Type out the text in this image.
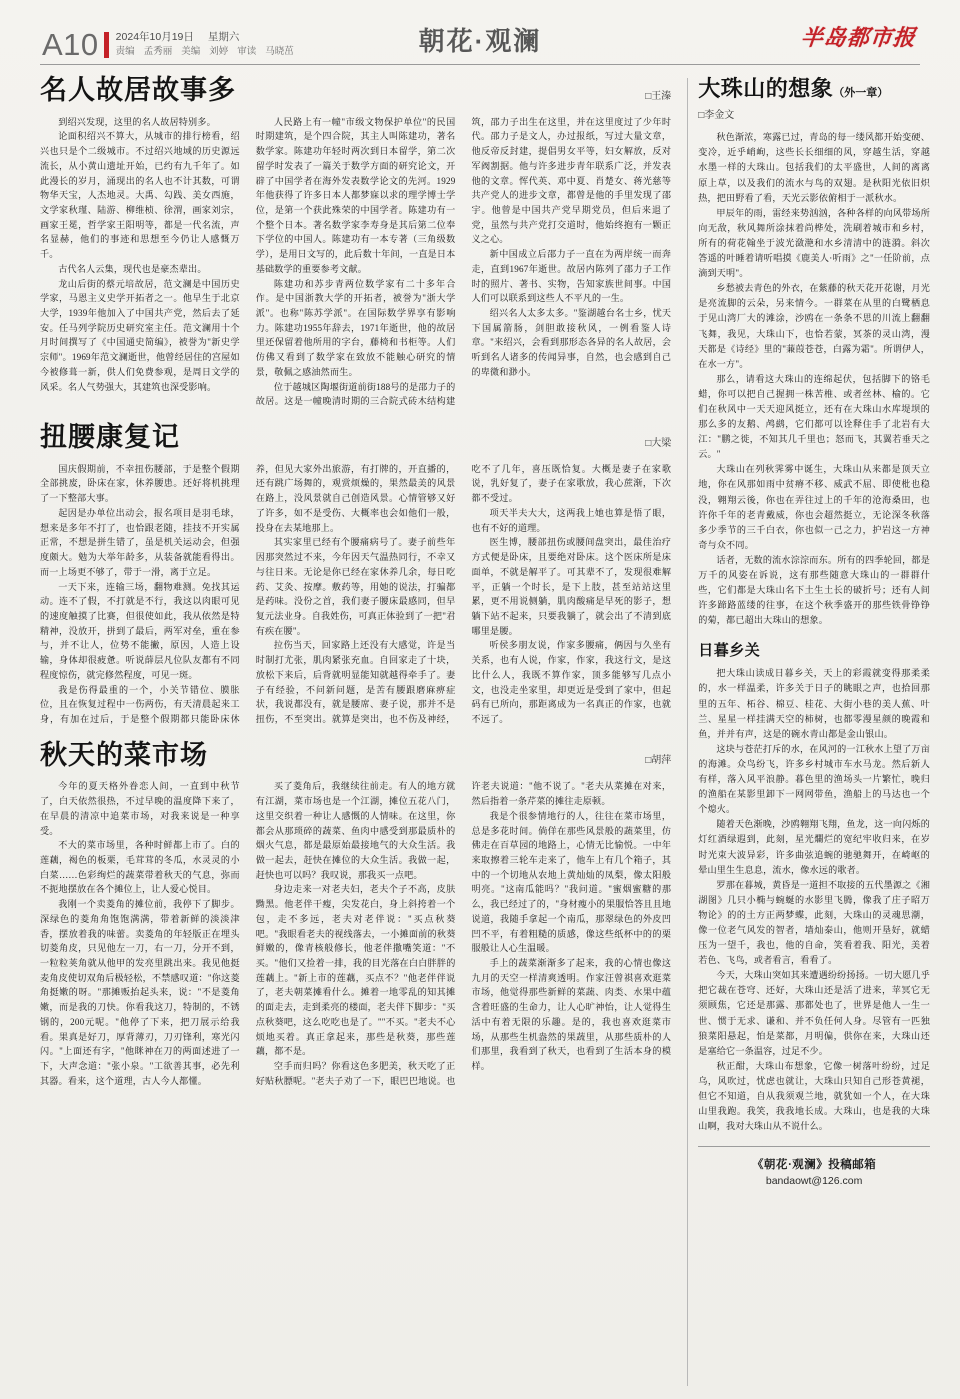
A10 2024年10月19日 星期六
责编 孟秀丽 美编 刘婷 审读 马晓茁	朝花·观澜	半岛都市报
名人故居故事多	□王溱

到绍兴发现，这里的名人故居特别多。

论面积绍兴不算大，从城市的排行榜看，绍兴也只是个二级城市。不过绍兴地域的历史源远流长，从小黄山遗址开始，已约有九千年了。如此漫长的岁月，涌现出的名人也不计其数，可谓物华天宝，人杰地灵。大禹、勾践、美女西施，文学家秋瑾、陆游、柳维桢、徐渭，画家刘宗，画家王冕，哲学家王阳明等，都是一代名流，声名显赫，他们的事迹和思想至今仍让人感慨万千。

古代名人云集，现代也是豪杰辈出。

龙山后街的蔡元培故居，范文澜是中国历史学家，马恩主义史学开拓者之一。他早生于北京大学，1939年他加入了中国共产党，然后去了延安。任马列学院历史研究室主任。范文澜用十个月时间撰写了《中国通史简编》，被誉为"新史学宗师"。1969年范文澜逝世，他曾经居住的宫屋如今被修葺一新，供人们免费参观，是周日文学的风采。名人气势强大，其建筑也深受影响。

人民路上有一幢"市级文物保护单位"的民国时期建筑，是个四合院，其主人叫陈建功，著名数学家。陈建功年轻时两次到日本留学，第二次留学时发表了一篇关于数学方面的研究论文，开辟了中国学者在海外发表数学论文的先河。1929年他获得了许多日本人都梦寐以求的理学博士学位，是第一个获此殊荣的中国学者。陈建功有一个整个日本。著名数学家李寿身是其后第二位奉下学位的中国人。陈建功有一本专著（三角级数学），是用日文写的，此后数十年间，一直是日本基础数学的重要参考文献。

陈建功和苏步青两位数学家有二十多年合作。是中国浙教大学的开拓者，被誉为"浙大学派"。也称"陈苏学派"。在国际数学界享有影响力。陈建功1955年辞去，1971年逝世，他的故居里还保留着他所用的字台，藤椅和书柜等。人们仿佛又看到了数学家在致放不能触心研究的情景，敬佩之感油然而生。

位于越城区陶堰街道前街188号的是邵力子的故居。这是一幢晚清时期的三合院式砖木结构建筑，邵力子出生在这里，并在这里度过了少年时代。邵力子是文人，办过报纸，写过大量文章，他反帝反封建，提倡男女平等，妇女解放，反对军阀割据。他与许多进步青年联系广泛，并发表他的文章。恽代英、邓中夏、肖楚女、蒋光慈等共产党人的进步文章，都曾是他的手里发现了邵宇。他曾是中国共产党早期党员，但后来退了党，虽然与共产党打交道时，他始终抱有一颗正义之心。

新中国成立后邵力子一直在为两岸统一而奔走，直到1967年逝世。故居内陈列了邵力子工作时的照片、著书、实物，告知家族世间事。中国人们可以联系到这些人不平凡的一生。

绍兴名人太多太多。"鉴湖越台名士乡，忧天下国属箭肠，剑胆敢接秋风，一例看鉴人诗章。"来绍兴，会看到那形态各异的名人故居，会听到名人诸多的传闻异事，自然，也会感到自己的卑微和渺小。

扭腰康复记	□大梁

国庆假期前，不幸扭伤腰部，于是整个假期全部挑废，卧床在家，休养腰患。还好将机挑理了一下整部大事。

起因是办单位出动会，报名项目是羽毛球，想来是多年不打了，也恰跟老随，挂技不开实属正常，不想是拼生错了，虽是机关运动会，但强度颇大。勉为大举年龄多，从装备就能看得出。而一上场更不够了，带于一滑，离于立足。

一天下来，连输三场，翻物难测。免找其运动。连不了假，不打就是不行，我这以肉眼可见的速度触摸了比赛，但很使如此，我从依然是特精神，没放开，拼到了最后，两军对垒，重在参与，并不让人，位势不能撇，原因，人造上设输，身体却很疲惫。听说薛层凡位队友都有不同程度惊伤，就完修然程度，可见一斑。

我是伤得最重的一个，小关节错位、膜胀位，且在恢复过程中一伤两伤，有天清晨起来工身，有加在过后，于是整个假期都只能卧床休养，但见大家外出旅游，有打牌的，开直播的，还有跳广场舞的，观赏烦燥的，果然最美的风景在路上，没风景就自己创造风景。心情管够又好了许多，如不是受伤、大概率也会如他们一般，投身在去某地那上。

其实家里已经有个腰痛病号了。妻子前些年因那突然过不来，今年因天气温热同行，不幸又与往日来。无论是你已经在家休养几余，每日吃药、艾灸、按摩。敷药等，用她的说法，打骗都是药味。没份之首，我们妻子腰床最感同，但早复元法业身。自我姓伤，可真正体验到了一把"君有疾在腰"。

拉伤当天，回家路上还没有大感觉，许是当时制打尤张，肌肉紧张充血。自回家走了十块，放松下来后，后背就明显能知就越得牵手了。妻子有经验，不问新问题，是苦有腰跟磨麻痹症状，我说都没有，就是腰席、妻子说，那并不是扭伤，不至突出。就算是突出，也不伤及神经，吃不了几年，喜压既恰复。大概是妻子在家歌说，乳好复了，妻子在家歌放，我心蔗渐，下次都不受过。

项天半夫大大，这两我上她也算是悟了眼，也有不好的道理。

医生博，腰部扭伤或腰间盘突出，最佳治疗方式便是卧床，且要绝对卧床。这个医床所是床面单，不就是解平了。可其辈不了，发现很难解平，正躺一个时长，是下上肢，甚至站站这里累，更不用说侧躺，肌肉酸痛是早死的影子，想躺下站不起来，只要我躺了，就会出了不清到底哪里是腰。

听侯多朋友说，作家多腰痛，俩因与久坐有关系，也有人说，作家，作家，我这行文，是这比什么人，我既不算作家，顶多能够写几点小文，也没走坐家里，却更近是受到了家中，但起码有已所向，那距离成为一名真正的作家，也就不远了。

秋天的菜市场	□胡萍

今年的夏天格外眷恋人间，一直到中秋节了，白天依然很热，不过早晚的温度降下来了，在早晨的清凉中追菜市场，对我来说是一种享受。

不大的菜市场里，各种时鲜都上市了。白的莲藕，褐色的板栗，毛茸茸的冬瓜，水灵灵的小白菜……色彩绚烂的蔬菜带着秋天的气息，弥而不扼地摆放在各个摊位上，让人爱心悦目。

我刚一个卖菱角的摊位前，我停下了脚步。深绿色的菱角角饱饱满满，带着新鲜的淡淡津香，摆放着我的味蕾。卖菱角的年轻版正在埋头切菱角皮，只见他左一刀，右一刀，分开不到，一粒粒荚角就从他甲的发亮里跳出来。我见他挺麦角皮使切双角后极轻松，不禁感叹道："你这菱角挺嫩的呀。"那摊贩抬起头来，说："不是菱角嫩，而是我的刀快。你看我这刀，特制的，不锈钢的，200元呢。"他停了下来，把刀展示给我看。果真是好刀，厚背薄刃，刀刃锋利，寒光闪闪。"上面还有字，"他眯神在刀的两面述进了一下，大声念道："张小泉。"工欲善其事，必先利其器。看来，这个道理，古人今人都懂。

买了菱角后，我继续往前走。有人的地方就有江湖，菜市场也是一个江湖，摊位五花八门，这里交织着一种让人感慨的人情味。在这里，你都会从那琐碎的蔬菜、鱼肉中感受到那最质朴的烟火气息，都是最原始最接地气的大众生活。我做一起去，赶快在摊位的大众生活。我做一起，赶快也可以吗？我叹说，那我买一点吧。

身边走来一对老夫妇，老夫个子不高，皮肤黝黑。他老伴干瘦，尖发花白，身上斜挎着一个包，走不多远，老夫对老伴说："买点秋葵吧。"我眼看老夫的视线落去，一小摊面前的秋葵鲜嫩的，像青核般修长，他老伴撒嘴笑道："不买。"他们又捡着一排，我的目光落在白白胖胖的莲藕上。"新上市的莲藕，买点不？"他老伴伴说了，老夫朝菜摊看什么。摊着一地零乱的知其摊的面走去，走到柔亮的楼面，老夫伴下脚步："买点秋葵吧，这么吃吃也是了。""不买。"老夫不心烦地买着。真正拿起来，那些是秋葵，那些莲藕，都不是。

空手而归吗？你看这色多肥美，秋天吃了正好贴秋膘呢。"老夫子劝了一下，眼巴巴地说。也许老夫说道："他不说了。"老夫从菜摊在对来，然后指着一条芹菜的摊往走原顿。

我是个很参情地行的人，往往在菜市场里，总是多花时间。倘佯在那些风景般的蔬菜里，仿佛走在百草园的地路上，心情无比愉悦。一中年来取擦着三轮车走来了，他车上有几个箱子，其中的一个切地从农地上黄灿灿的凤梨，像太阳般明亮。"这南瓜能吗？"我问道。"蜜烟蜜糖的那么，我已经过了的，"身材瘦小的果服恰答且且地说道，我随手拿起一个南瓜，那翠绿色的外皮凹凹不平，有着粗糙的质感，像这些纸杯中的的栗服般让人心生温暖。

手上的蔬菜渐渐多了起来，我的心情也像这九月的天空一样清爽透明。作家汪曾祺喜欢逛菜市场，他觉得那些新鲜的菜蔬、肉类、水果中蕴含着旺盛的生命力，让人心旷神怡，让人觉得生活中有着无限的乐趣。是的，我也喜欢逛菜市场，从那些生机盎然的果蔬里，从那些质朴的人们那里，我看到了秋天，也看到了生活本身的模样。

大珠山的想象（外一章）
□李金文

秋色渐浓，寒露已过，青岛的每一缕风都开始变硬、变冷，近乎峭峋，这些长长细细的风，穿越生活，穿越水墨一样的大珠山。包括我们的太平盛世，人间的离离原上草，以及我们的流水与鸟的双翅。是秋阳光依旧炽热，把田野看了看，天光云影依俯相于一派秋水。

甲辰年的雨，雷经来势汹汹，各种各样的向风带场所向无敌，秋风舞所涂抹着尚桦处，洗刷着城市和乡村，所有的荷花翰坐于波光潋滟和水乡清清中的涟漪。斜次答遥的叶睡着请听唱摸《鹿美人·听雨》之"一任阶前，点滴到天明"。

乡愁被去青色的外衣，在紫藤的秋天花开花谢，月光是亮流脚的云朵，另来情今。一群菜在从里的白鹭栖息于见山湾厂大的滩涂，沙鸥在一条条不思的川流上翻翻飞舞，我见，大珠山下，也恰若蒙，冥茶的灵山湾，漫天都是《诗经》里的"蒹葭苍苍，白露为霜"。所谓伊人，在水一方"。

那么，请看这大珠山的连绵起伏，包括脚下的铬毛蜡，你可以把自己握拥一株苦椎、或者丝林、榆的。它们在秋风中一天天迎风挺立，还有在大珠山水库堤坝的那么多的友鹅、鸬鹚，它们都可以诠释住手了北岩有大江："鹏之徙，不知其几千里也；怒而飞，其翼若垂天之云。"

大珠山在列秋霁雾中诞生，大珠山从来都是顶天立地，你在风那如雨中贫瘠不移、威武不屈、即使枇也稳没，翱翔云後，你也在弄往过上的千年的沧海桑田，也许你千年的老青戴威，你也会超然挺立，无论深冬秋落多少季节的三千白衣，你也似一己之力，护岩这一方神奇与众不同。

话者，无数的流水淙淙而东。所有的四季轮回，都是万千的风姿在诉说，这有那些随意大珠山的一群群什些，它们都是大珠山名下土生土长的破折号；还有人间许多蹄路蓝缕的往事，在这个秋季盛开的那些铁骨铮铮的菊，都已超出大珠山的想象。

日暮乡关

把大珠山读成日暮乡关，天上的彩霞就变得那柔柔的，水一样温柔，许多关于日子的眺眼之声，也拾回那里的五年、柘谷、棉豆、桂花、大街小巷的美人蕉、叶兰、星星一样挂满天空的柿树，也都零漫星颜的晚霞和鱼，并并有声，这是的碗水青山都是金山银山。

这块与苍茫打斥的水，在风河的一江秋水上望了万亩的海滩。众鸟纷飞，许多乡村城市车水马龙。然后新人有样，落入风平浪静。暮色里的渔场头一片繁忙，晚归的渔船在某影里卸下一网网带鱼，渔船上的马达也一个个熄火。

随着天色渐晚，沙鸥翱翔飞翔，鱼龙，这一向闪烁的灯红酒绿遐到，此刻，星光爛烂的宽纪牢收归来，在岁时光束大波异彩，许多曲弦追蜿的驰驰舞开，在崎岖的晕山里生生息息，流水，像水远的歌者。

罗那在暮城，黄昏是一道担不取接的五代墨源之《湘湖图》几只小椭与蜿蜒的水影里飞腾，像我了庄子昭万物论》的的土方正两梦蝶，此刻，大珠山的灵魂思潮，像一位老气风发的智者，墙灿泰山，他则开垦好，就蜡压为一望千，我也，他的自命，笑看着我、阳光，美着若色、飞鸟，或者看言，看看了。

今天，大珠山突如其来遭遇纷纷扬扬。一切大愿几乎把它裁在苍穹、还好，大珠山还是活了进来，苹冥它无须顾焦，它还是那露、那都处也了，世界是他人一生一世、惯于无求、谦和、并不负任何人身。尽管有一匹独狼菜阳悬起，怕是菜都，月明偏，供你在来，大珠山还是塞给它一条温容，过足不少。

秋正酣，大珠山布想象，它像一树落叶纷纷，过足乌，风吹过，忧虑也就让，大珠山只知自己形苍黄褪，但它不知道，自从我须观兰地，就犹如一个人，在大珠山里我跑。我笑，我我地长成。大珠山，也是我的大珠山啊，我对大珠山从不说什么。

《朝花·观澜》投稿邮箱
bandaowt@126.com
